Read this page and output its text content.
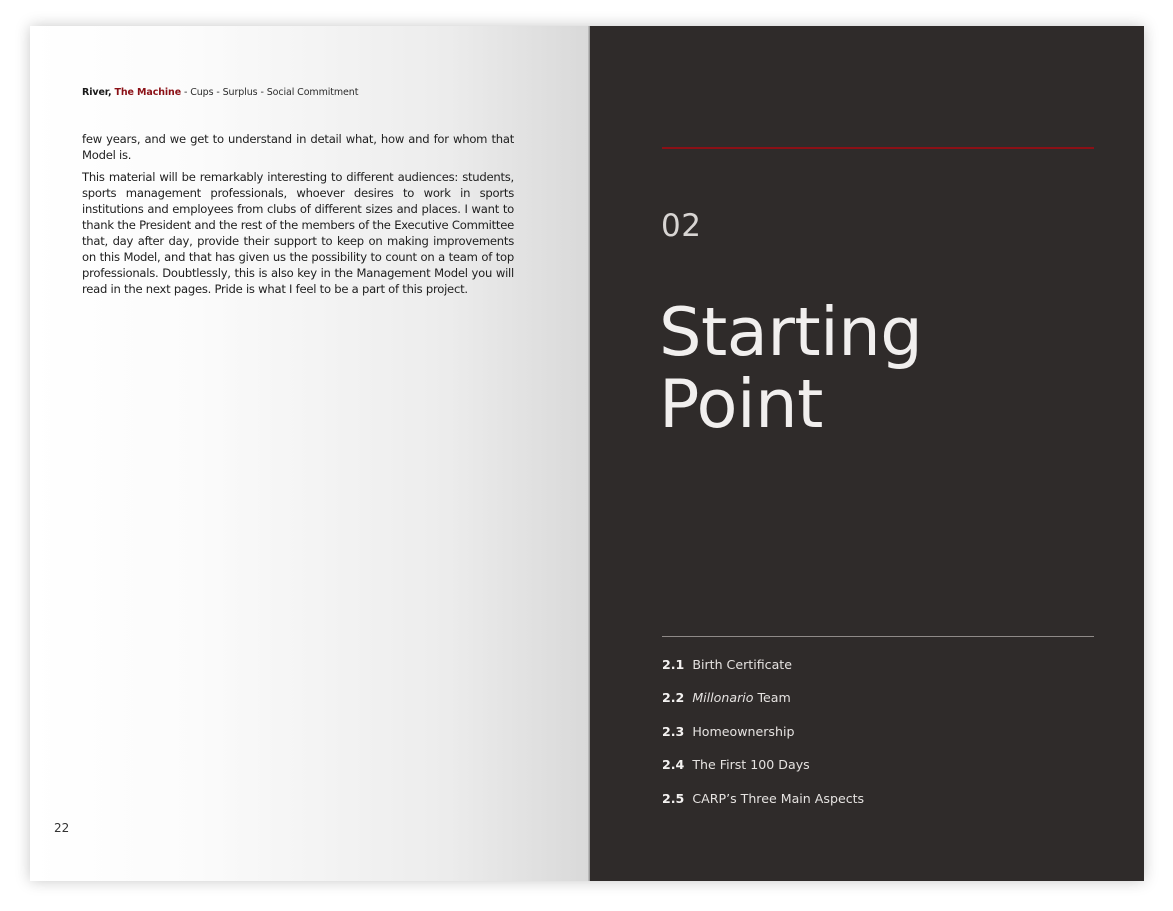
River, The Machine - Cups - Surplus - Social Commitment

few years, and we get to understand in detail what, how and for whom that Model is.

This material will be remarkably interesting to different audiences: students, sports management professionals, whoever desires to work in sports institutions and employees from clubs of different sizes and places. I want to thank the President and the rest of the members of the Executive Committee that, day after day, provide their support to keep on making improvements on this Model, and that has given us the possibility to count on a team of top professionals. Doubtlessly, this is also key in the Management Model you will read in the next pages. Pride is what I feel to be a part of this project.

22
02
Starting
Point
2.1 Birth Certificate
2.2 Millonario Team
2.3 Homeownership
2.4 The First 100 Days
2.5 CARP’s Three Main Aspects
